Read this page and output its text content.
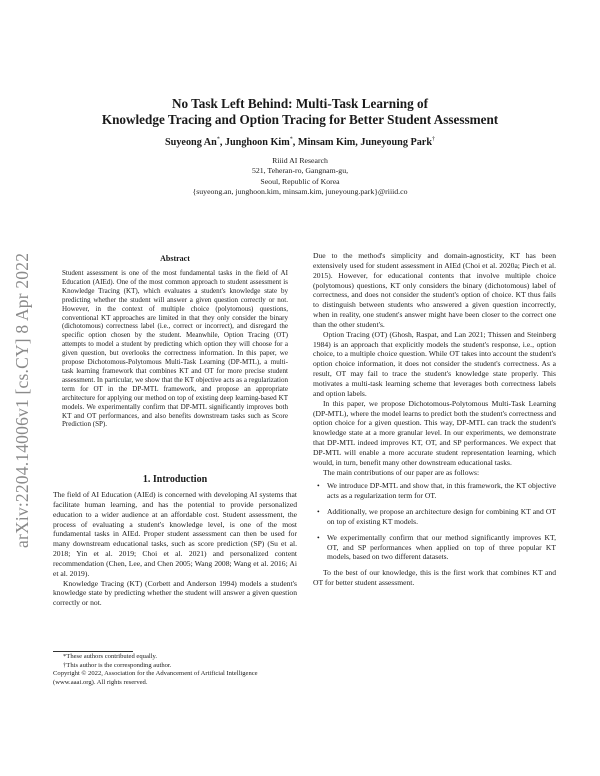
arXiv:2204.14006v1 [cs.CY] 8 Apr 2022
No Task Left Behind: Multi-Task Learning of
Knowledge Tracing and Option Tracing for Better Student Assessment
Suyeong An*, Junghoon Kim*, Minsam Kim, Juneyoung Park†
Riiid AI Research
521, Teheran-ro, Gangnam-gu,
Seoul, Republic of Korea
{suyeong.an, junghoon.kim, minsam.kim, juneyoung.park}@riiid.co
Abstract
Student assessment is one of the most fundamental tasks in the field of AI Education (AIEd). One of the most common approach to student assessment is Knowledge Tracing (KT), which evaluates a student's knowledge state by predicting whether the student will answer a given question correctly or not. However, in the context of multiple choice (polytomous) questions, conventional KT approaches are limited in that they only consider the binary (dichotomous) correctness label (i.e., correct or incorrect), and disregard the specific option chosen by the student. Meanwhile, Option Tracing (OT) attempts to model a student by predicting which option they will choose for a given question, but overlooks the correctness information. In this paper, we propose Dichotomous-Polytomous Multi-Task Learning (DP-MTL), a multi-task learning framework that combines KT and OT for more precise student assessment. In particular, we show that the KT objective acts as a regularization term for OT in the DP-MTL framework, and propose an appropriate architecture for applying our method on top of existing deep learning-based KT models. We experimentally confirm that DP-MTL significantly improves both KT and OT performances, and also benefits downstream tasks such as Score Prediction (SP).
1. Introduction

The field of AI Education (AIEd) is concerned with developing AI systems that facilitate human learning, and has the potential to provide personalized education to a wider audience at an affordable cost. Student assessment, the process of evaluating a student's knowledge level, is one of the most fundamental tasks in AIEd. Proper student assessment can then be used for many downstream educational tasks, such as score prediction (SP) (Su et al. 2018; Yin et al. 2019; Choi et al. 2021) and personalized content recommendation (Chen, Lee, and Chen 2005; Wang 2008; Wang et al. 2016; Ai et al. 2019).

Knowledge Tracing (KT) (Corbett and Anderson 1994) models a student's knowledge state by predicting whether the student will answer a given question correctly or not.

*These authors contributed equally.
†This author is the corresponding author.
Copyright © 2022, Association for the Advancement of Artificial Intelligence (www.aaai.org). All rights reserved.

Due to the method's simplicity and domain-agnosticity, KT has been extensively used for student assessment in AIEd (Choi et al. 2020a; Piech et al. 2015). However, for educational contents that involve multiple choice (polytomous) questions, KT only considers the binary (dichotomous) label of correctness, and does not consider the student's option of choice. KT thus fails to distinguish between students who answered a given question incorrectly, when in reality, one student's answer might have been closer to the correct one than the other student's.

Option Tracing (OT) (Ghosh, Raspat, and Lan 2021; Thissen and Steinberg 1984) is an approach that explicitly models the student's response, i.e., option choice, to a multiple choice question. While OT takes into account the student's option choice information, it does not consider the student's correctness. As a result, OT may fail to trace the student's knowledge state properly. This motivates a multi-task learning scheme that leverages both correctness labels and option labels.

In this paper, we propose Dichotomous-Polytomous Multi-Task Learning (DP-MTL), where the model learns to predict both the student's correctness and option choice for a given question. This way, DP-MTL can track the student's knowledge state at a more granular level. In our experiments, we demonstrate that DP-MTL indeed improves KT, OT, and SP performances. We expect that DP-MTL will enable a more accurate student representation learning, which would, in turn, benefit many other downstream educational tasks.

The main contributions of our paper are as follows:

• We introduce DP-MTL and show that, in this framework, the KT objective acts as a regularization term for OT.
• Additionally, we propose an architecture design for combining KT and OT on top of existing KT models.
• We experimentally confirm that our method significantly improves KT, OT, and SP performances when applied on top of three popular KT models, based on two different datasets.

To the best of our knowledge, this is the first work that combines KT and OT for better student assessment.
